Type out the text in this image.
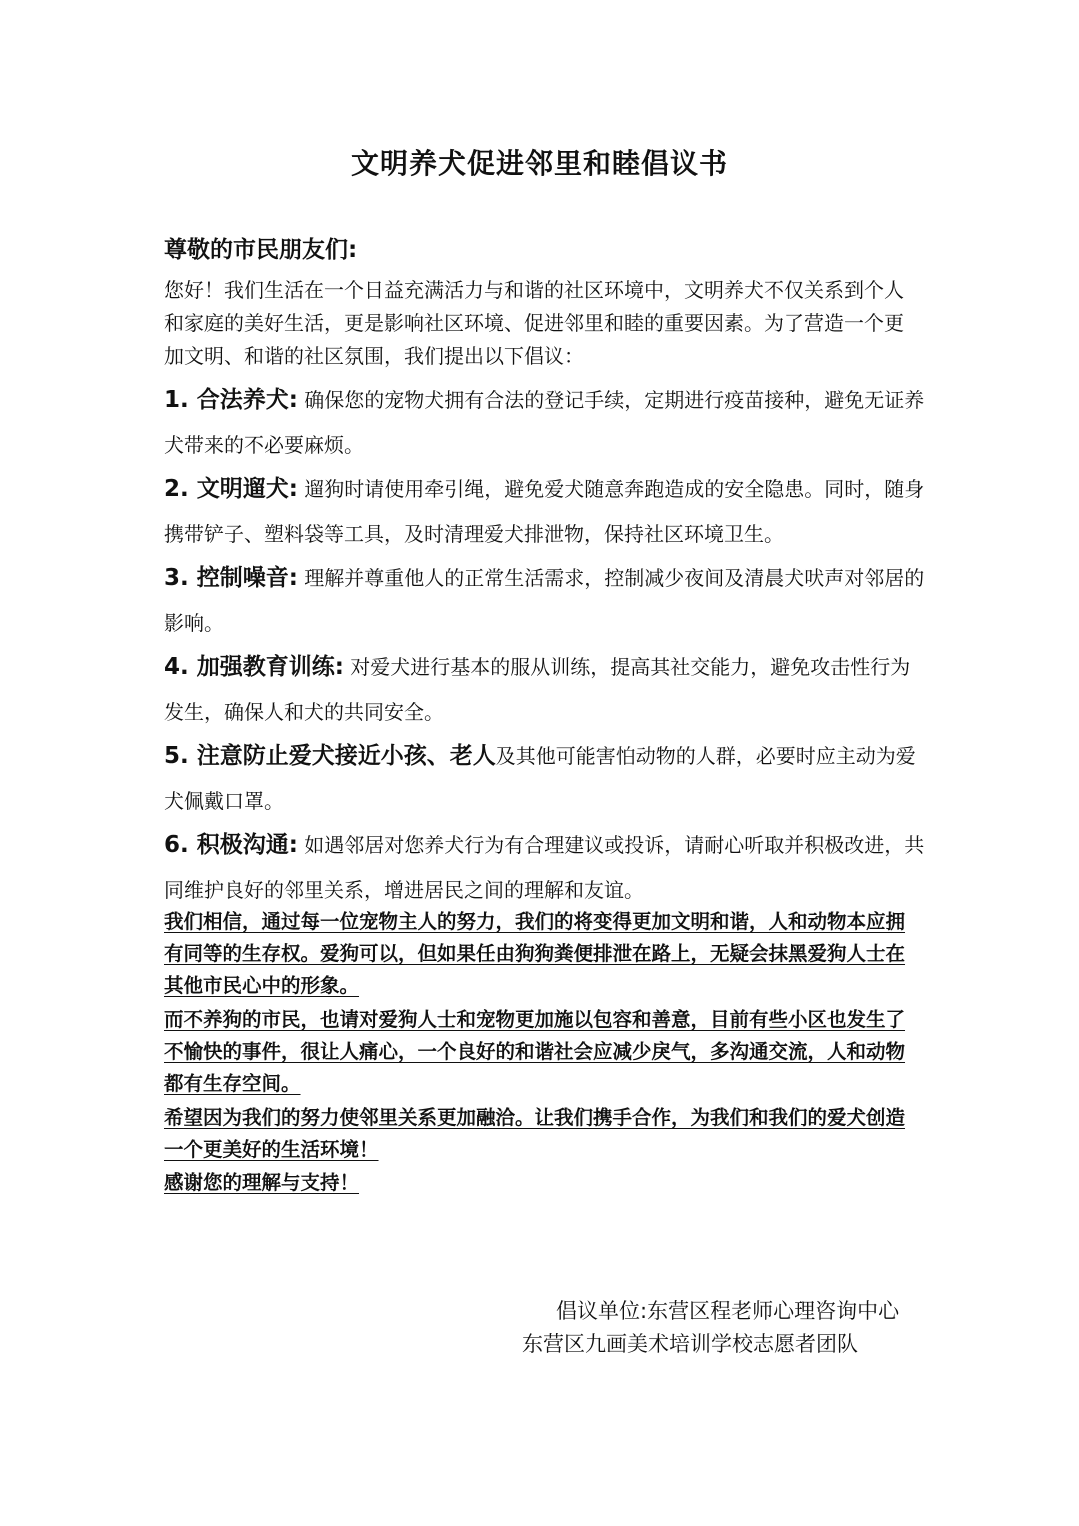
文明养犬促进邻里和睦倡议书
尊敬的市民朋友们:
您好！我们生活在一个日益充满活力与和谐的社区环境中，文明养犬不仅关系到个人和家庭的美好生活，更是影响社区环境、促进邻里和睦的重要因素。为了营造一个更加文明、和谐的社区氛围，我们提出以下倡议：
1. 合法养犬: 确保您的宠物犬拥有合法的登记手续，定期进行疫苗接种，避免无证养犬带来的不必要麻烦。
2. 文明遛犬: 遛狗时请使用牵引绳，避免爱犬随意奔跑造成的安全隐患。同时，随身携带铲子、塑料袋等工具，及时清理爱犬排泄物，保持社区环境卫生。
3. 控制噪音: 理解并尊重他人的正常生活需求，控制减少夜间及清晨犬吠声对邻居的影响。
4. 加强教育训练: 对爱犬进行基本的服从训练，提高其社交能力，避免攻击性行为发生，确保人和犬的共同安全。
5. 注意防止爱犬接近小孩、老人及其他可能害怕动物的人群，必要时应主动为爱犬佩戴口罩。
6. 积极沟通: 如遇邻居对您养犬行为有合理建议或投诉，请耐心听取并积极改进，共同维护良好的邻里关系，增进居民之间的理解和友谊。

我们相信，通过每一位宠物主人的努力，我们的将变得更加文明和谐，人和动物本应拥有同等的生存权。爱狗可以，但如果任由狗狗粪便排泄在路上，无疑会抹黑爱狗人士在其他市民心中的形象。

而不养狗的市民，也请对爱狗人士和宠物更加施以包容和善意，目前有些小区也发生了不愉快的事件，很让人痛心，一个良好的和谐社会应减少戾气，多沟通交流，人和动物都有生存空间。

希望因为我们的努力使邻里关系更加融洽。让我们携手合作，为我们和我们的爱犬创造一个更美好的生活环境！

感谢您的理解与支持！

倡议单位:东营区程老师心理咨询中心
东营区九画美术培训学校志愿者团队
